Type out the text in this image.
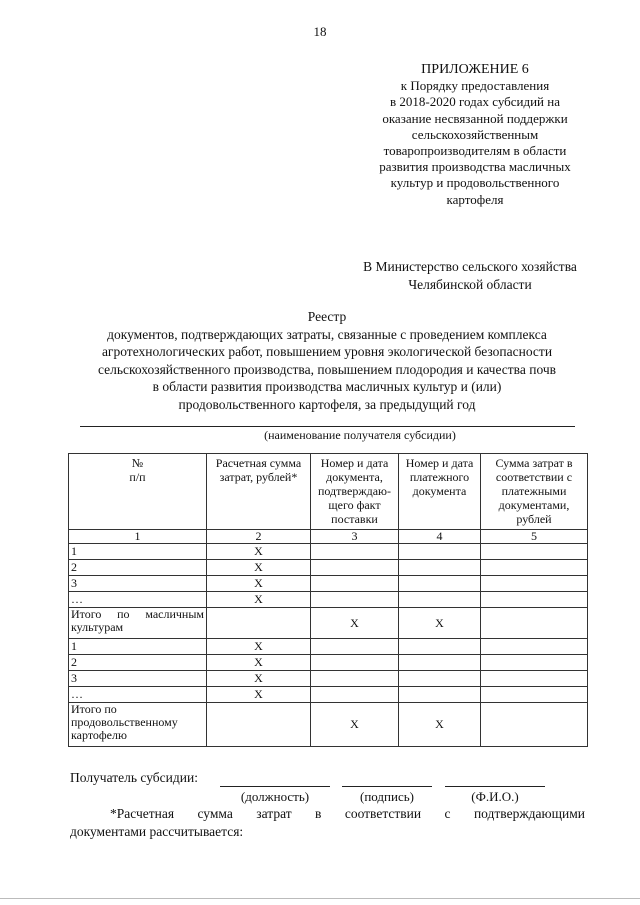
18
ПРИЛОЖЕНИЕ 6
к Порядку предоставления
в 2018-2020 годах субсидий на
оказание несвязанной поддержки
сельскохозяйственным
товаропроизводителям в области
развития производства масличных
культур и продовольственного
картофеля
В Министерство сельского хозяйства
Челябинской области
Реестр
документов, подтверждающих затраты, связанные с проведением комплекса
агротехнологических работ, повышением уровня экологической безопасности
сельскохозяйственного производства, повышением плодородия и качества почв
в области развития производства масличных культур и (или)
продовольственного картофеля, за предыдущий год
(наименование получателя субсидии)
№
п/п	Расчетная сумма затрат, рублей*	Номер и дата документа, подтверждаю-щего факт поставки	Номер и дата платежного документа	Сумма затрат в соответствии с платежными документами, рублей
1	2	3	4	5
1	X			
2	X			
3	X			
…	X			
Итого по масличным культурам		X	X	
1	X			
2	X			
3	X			
…	X			
Итого по продовольственному картофелю		X	X	
Получатель субсидии:
(должность)	(подпись)	(Ф.И.О.)
*Расчетная сумма затрат в соответствии с подтверждающими
документами рассчитывается:
